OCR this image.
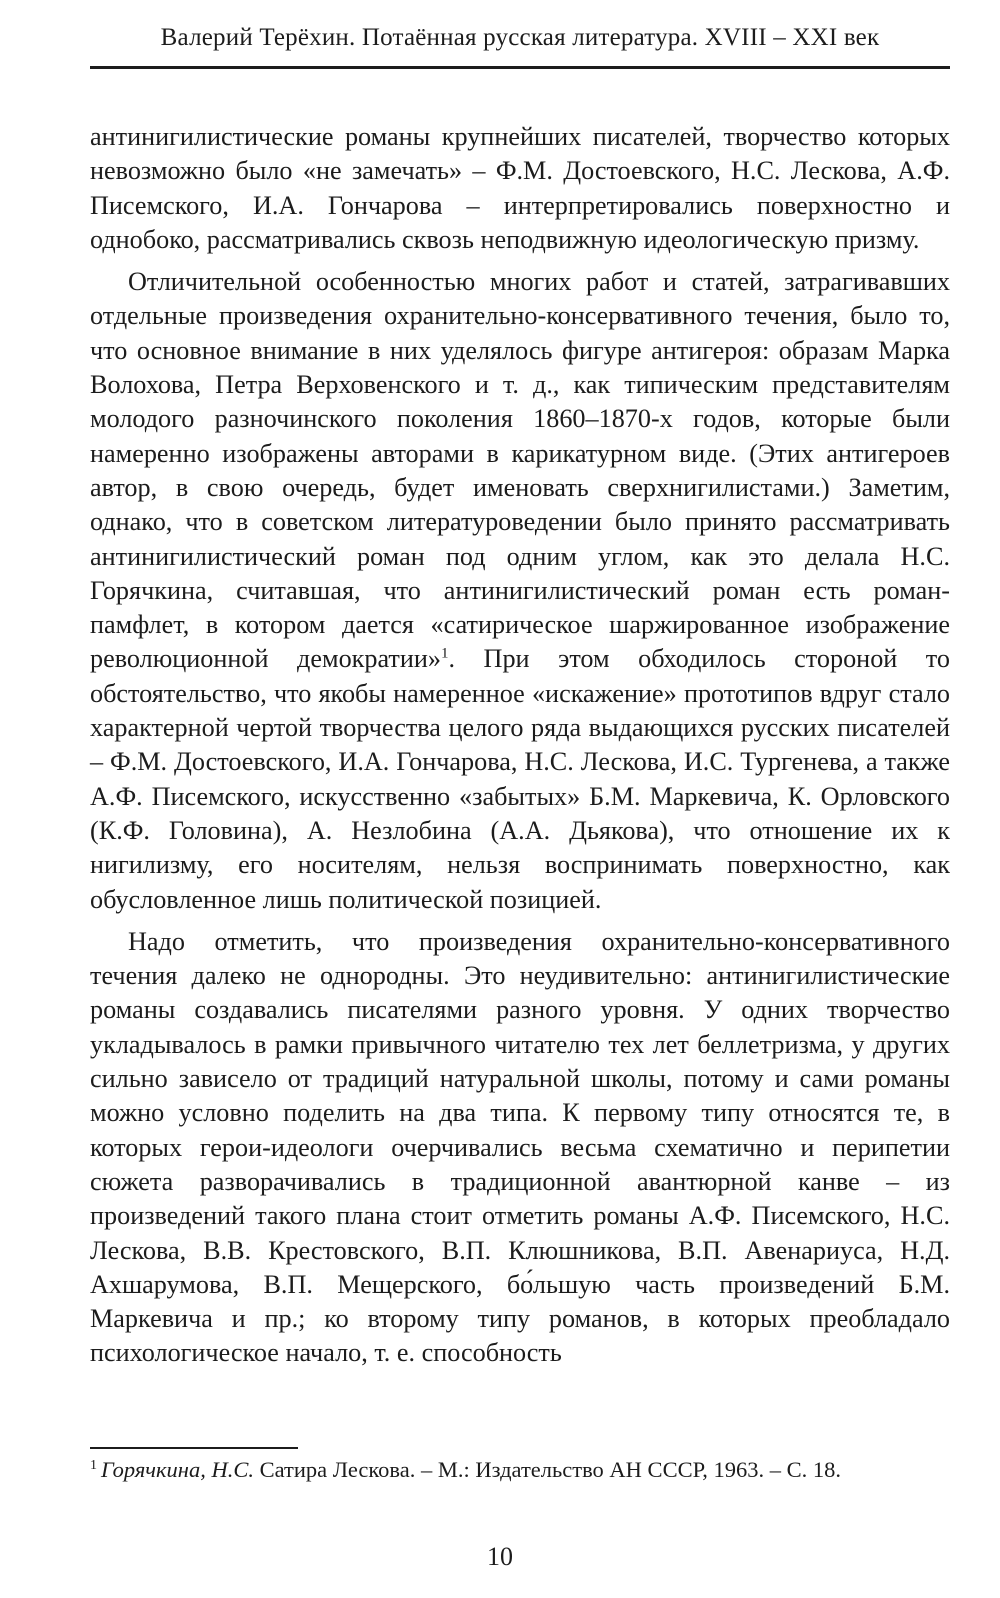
Валерий Терёхин. Потаённая русская литература. XVIII – XXI век

антинигилистические романы крупнейших писателей, творчество которых невозможно было «не замечать» – Ф.М. Достоевского, Н.С. Лескова, А.Ф. Писемского, И.А. Гончарова – интерпретировались поверхностно и однобоко, рассматривались сквозь неподвижную идеологическую призму.

Отличительной особенностью многих работ и статей, затрагивавших отдельные произведения охранительно-консервативного течения, было то, что основное внимание в них уделялось фигуре антигероя: образам Марка Волохова, Петра Верховенского и т. д., как типическим представителям молодого разночинского поколения 1860–1870-х годов, которые были намеренно изображены авторами в карикатурном виде. (Этих антигероев автор, в свою очередь, будет именовать сверхнигилистами.) Заметим, однако, что в советском литературоведении было принято рассматривать антинигилистический роман под одним углом, как это делала Н.С. Горячкина, считавшая, что антинигилистический роман есть роман-памфлет, в котором дается «сатирическое шаржированное изображение революционной демократии»$^1$. При этом обходилось стороной то обстоятельство, что якобы намеренное «искажение» прототипов вдруг стало характерной чертой творчества целого ряда выдающихся русских писателей – Ф.М. Достоевского, И.А. Гончарова, Н.С. Лескова, И.С. Тургенева, а также А.Ф. Писемского, искусственно «забытых» Б.М. Маркевича, К. Орловского (К.Ф. Головина), А. Незлобина (А.А. Дьякова), что отношение их к нигилизму, его носителям, нельзя воспринимать поверхностно, как обусловленное лишь политической позицией.

Надо отметить, что произведения охранительно-консервативного течения далеко не однородны. Это неудивительно: антинигилистические романы создавались писателями разного уровня. У одних творчество укладывалось в рамки привычного читателю тех лет беллетризма, у других сильно зависело от традиций натуральной школы, потому и сами романы можно условно поделить на два типа. К первому типу относятся те, в которых герои-идеологи очерчивались весьма схематично и перипетии сюжета разворачивались в традиционной авантюрной канве – из произведений такого плана стоит отметить романы А.Ф. Писемского, Н.С. Лескова, В.В. Крестовского, В.П. Клюшникова, В.П. Авенариуса, Н.Д. Ахшарумова, В.П. Мещерского, бо́льшую часть произведений Б.М. Маркевича и пр.; ко второму типу романов, в которых преобладало психологическое начало, т. е. способность

$^1$ Горячкина, Н.С. Сатира Лескова. – М.: Издательство АН СССР, 1963. – С. 18.
10
